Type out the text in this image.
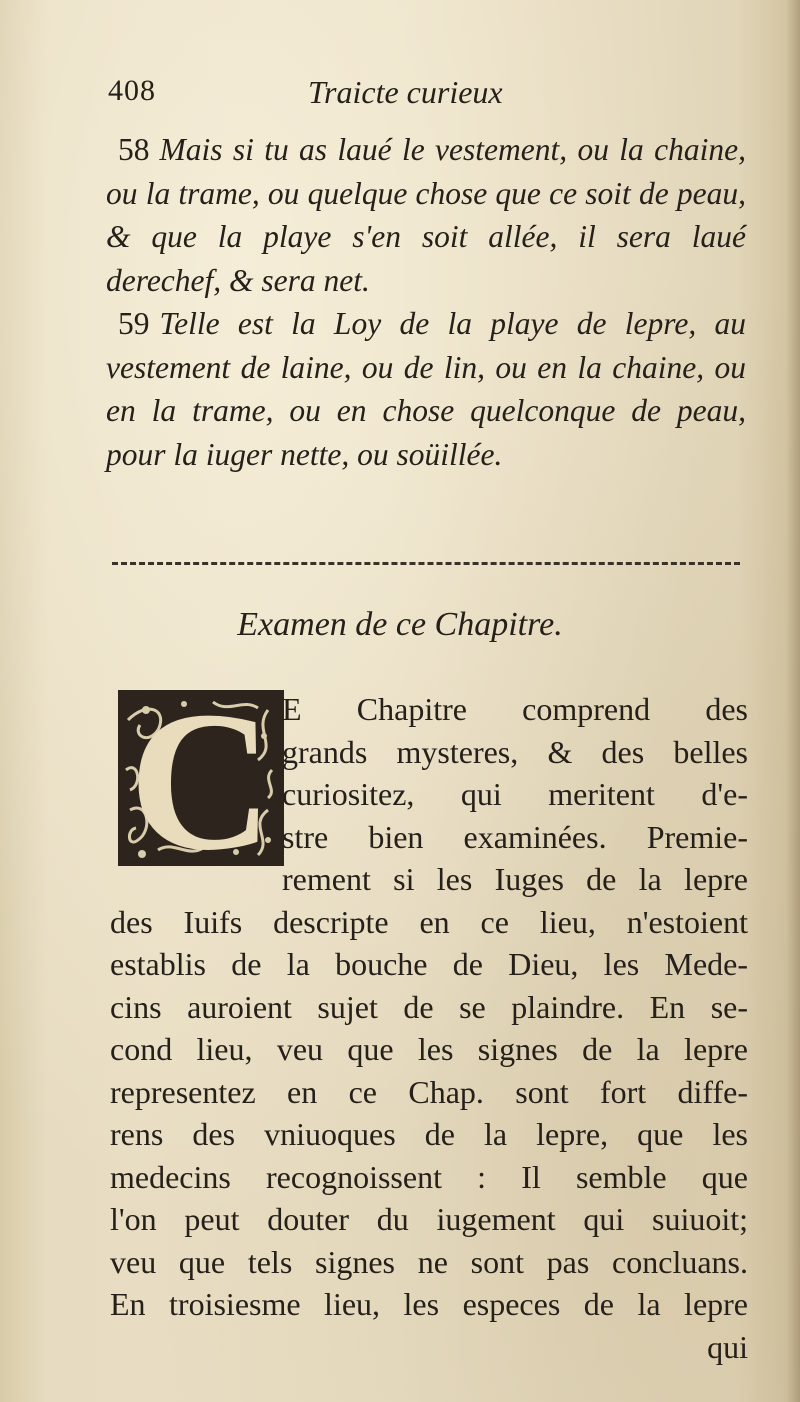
408	Traicte curieux

58 Mais si tu as laué le vestement, ou la chaine, ou la trame, ou quelque chose que ce soit de peau, & que la playe s'en soit allée, il sera laué derechef, & sera net.

59 Telle est la Loy de la playe de lepre, au vestement de laine, ou de lin, ou en la chaine, ou en la trame, ou en chose quelconque de peau, pour la iuger nette, ou soüillée.

Examen de ce Chapitre.
C E Chapitre comprend des
grands mysteres, & des belles
curiositez, qui meritent d'e-
stre bien examinées. Premie-
rement si les Iuges de la lepre
des Iuifs descripte en ce lieu, n'estoient
establis de la bouche de Dieu, les Mede-
cins auroient sujet de se plaindre. En se-
cond lieu, veu que les signes de la lepre
representez en ce Chap. sont fort diffe-
rens des vniuoques de la lepre, que les
medecins recognoissent : Il semble que
l'on peut douter du iugement qui suiuoit;
veu que tels signes ne sont pas concluans.
En troisiesme lieu, les especes de la lepre
qui
